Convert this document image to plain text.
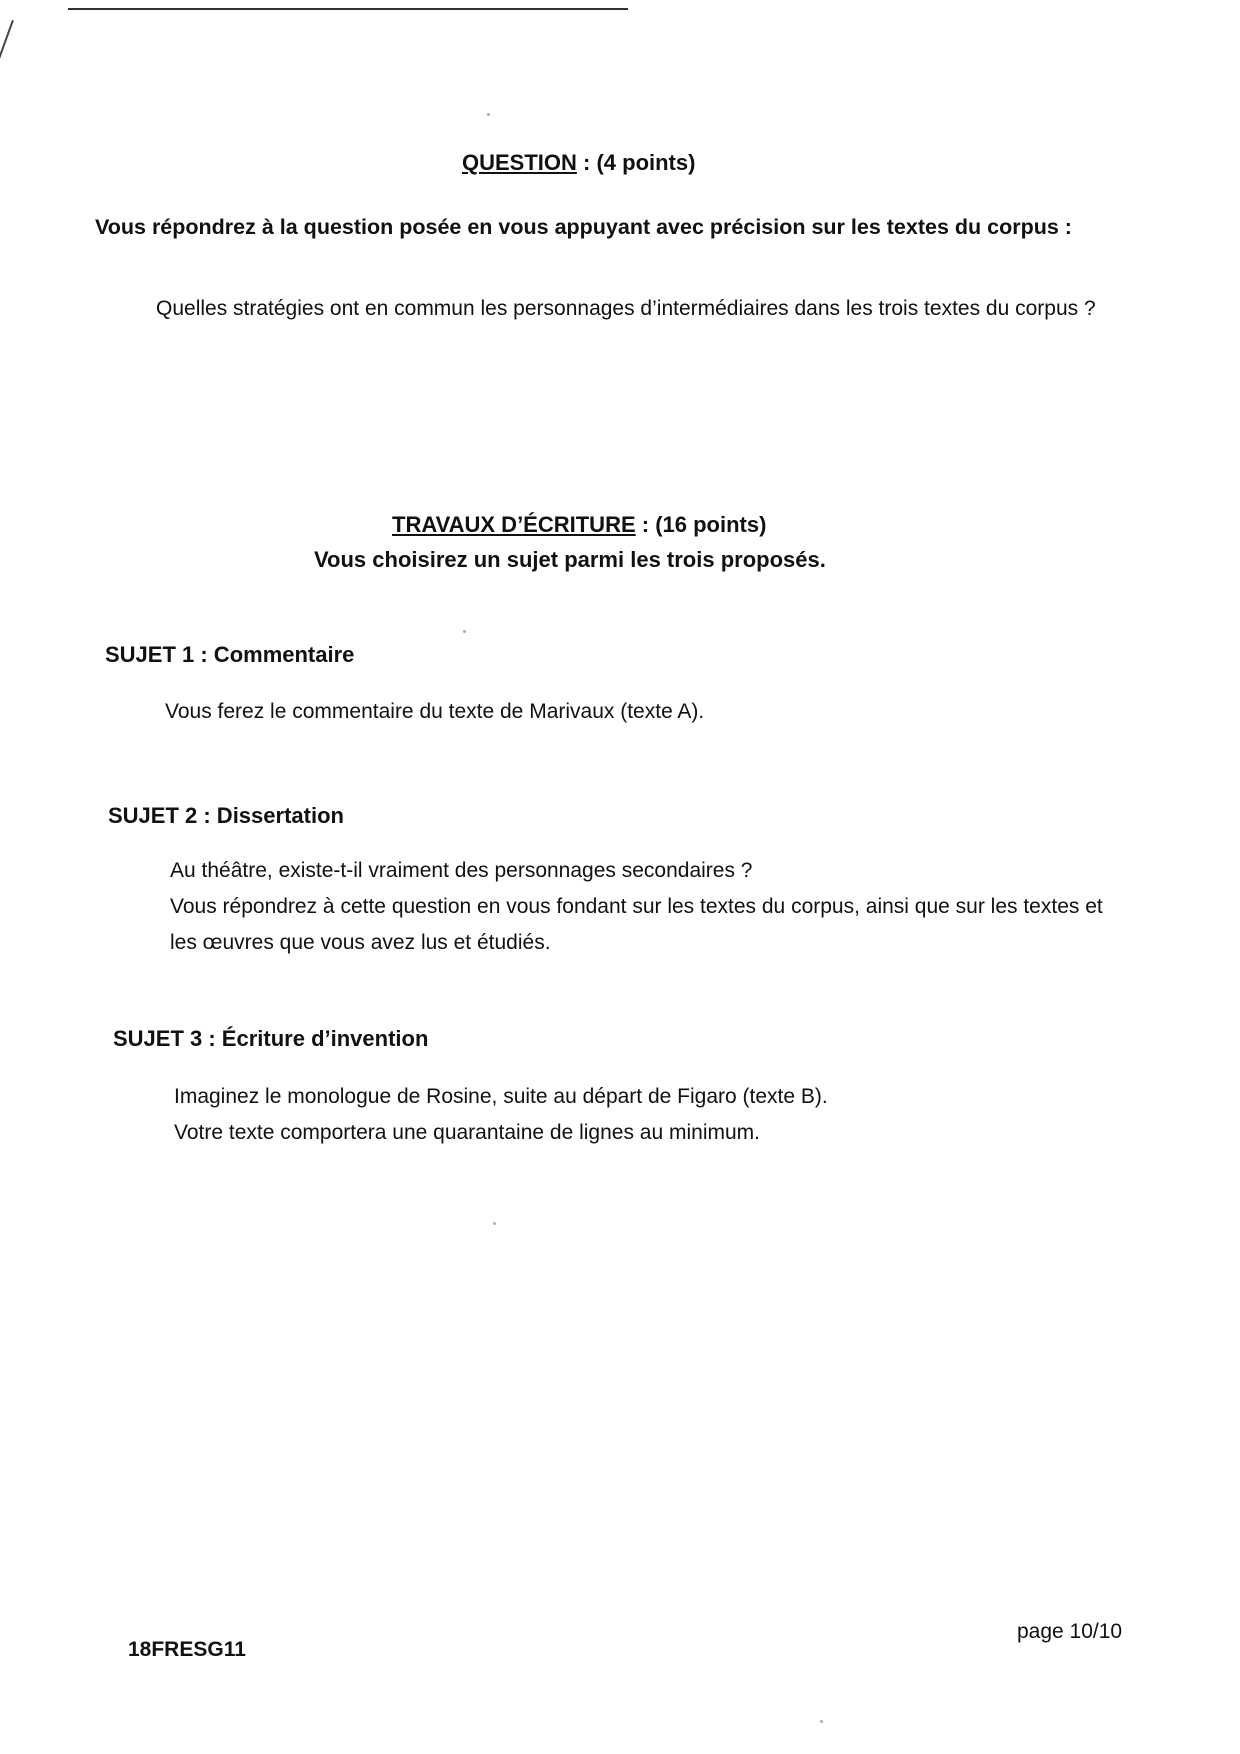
QUESTION : (4 points)
Vous répondrez à la question posée en vous appuyant avec précision sur les textes du corpus :
Quelles stratégies ont en commun les personnages d’intermédiaires dans les trois textes du corpus ?
TRAVAUX D’ÉCRITURE : (16 points)
Vous choisirez un sujet parmi les trois proposés.
SUJET 1 : Commentaire
Vous ferez le commentaire du texte de Marivaux (texte A).
SUJET 2 : Dissertation
Au théâtre, existe-t-il vraiment des personnages secondaires ?
Vous répondrez à cette question en vous fondant sur les textes du corpus, ainsi que sur les textes et les œuvres que vous avez lus et étudiés.
SUJET 3 : Écriture d’invention
Imaginez le monologue de Rosine, suite au départ de Figaro (texte B).
Votre texte comportera une quarantaine de lignes au minimum.
18FRESG11
page 10/10
